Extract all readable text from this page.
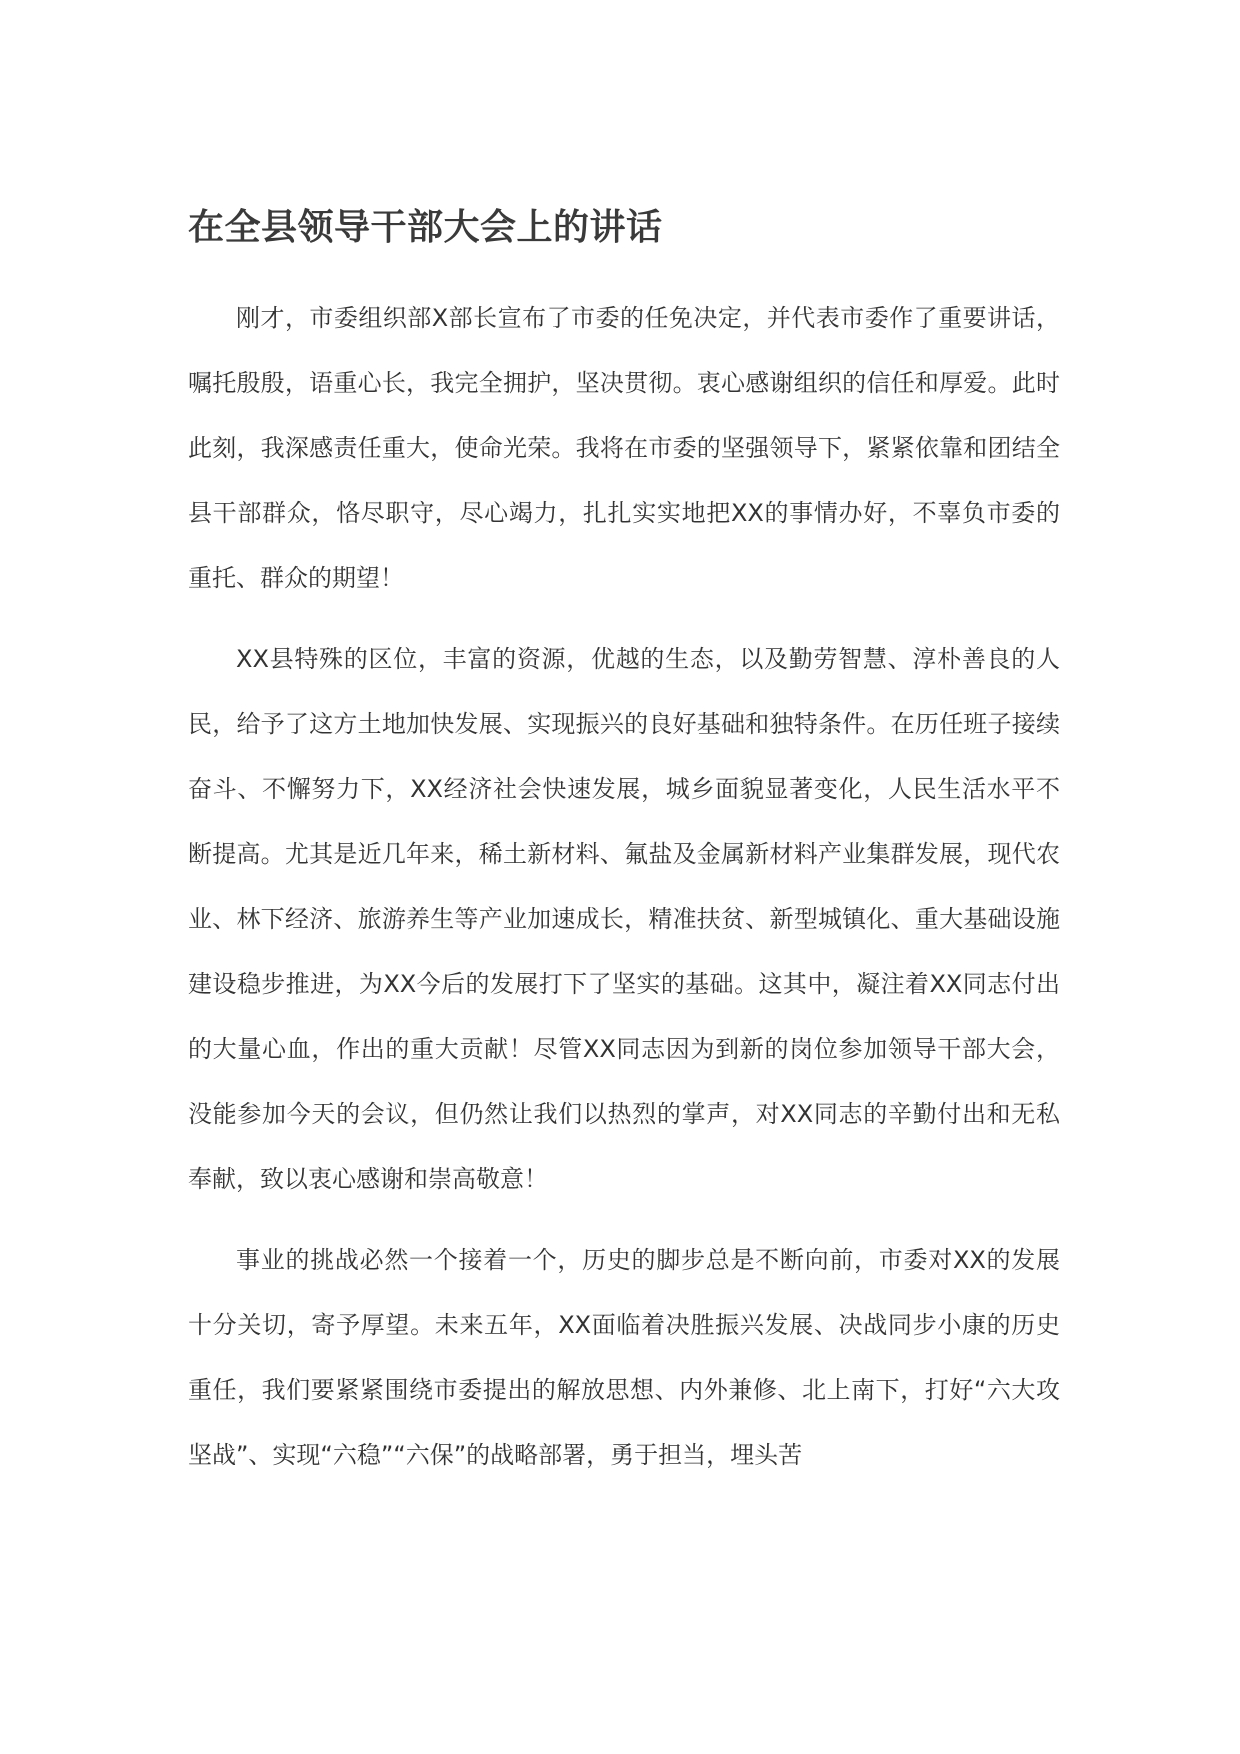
在全县领导干部大会上的讲话

刚才，市委组织部X部长宣布了市委的任免决定，并代表市委作了重要讲话，嘱托殷殷，语重心长，我完全拥护，坚决贯彻。衷心感谢组织的信任和厚爱。此时此刻，我深感责任重大，使命光荣。我将在市委的坚强领导下，紧紧依靠和团结全县干部群众，恪尽职守，尽心竭力，扎扎实实地把XX的事情办好，不辜负市委的重托、群众的期望！

XX县特殊的区位，丰富的资源，优越的生态，以及勤劳智慧、淳朴善良的人民，给予了这方土地加快发展、实现振兴的良好基础和独特条件。在历任班子接续奋斗、不懈努力下，XX经济社会快速发展，城乡面貌显著变化，人民生活水平不断提高。尤其是近几年来，稀土新材料、氟盐及金属新材料产业集群发展，现代农业、林下经济、旅游养生等产业加速成长，精准扶贫、新型城镇化、重大基础设施建设稳步推进，为XX今后的发展打下了坚实的基础。这其中，凝注着XX同志付出的大量心血，作出的重大贡献！尽管XX同志因为到新的岗位参加领导干部大会，没能参加今天的会议，但仍然让我们以热烈的掌声，对XX同志的辛勤付出和无私奉献，致以衷心感谢和崇高敬意！

事业的挑战必然一个接着一个，历史的脚步总是不断向前，市委对XX的发展十分关切，寄予厚望。未来五年，XX面临着决胜振兴发展、决战同步小康的历史重任，我们要紧紧围绕市委提出的解放思想、内外兼修、北上南下，打好“六大攻坚战”、实现“六稳”“六保”的战略部署，勇于担当，埋头苦
